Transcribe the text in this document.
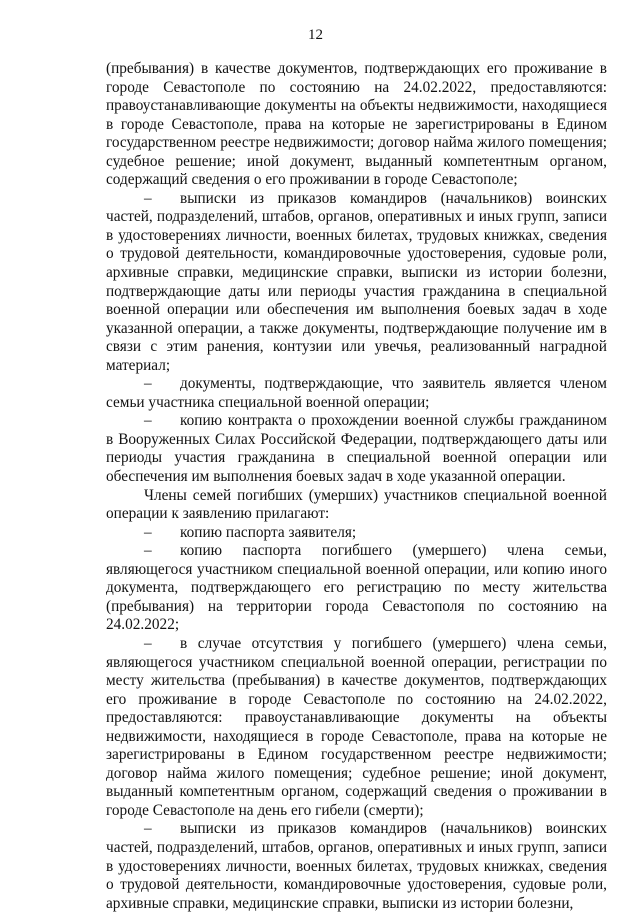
12

(пребывания) в качестве документов, подтверждающих его проживание в городе Севастополе по состоянию на 24.02.2022, предоставляются: правоустанавливающие документы на объекты недвижимости, находящиеся в городе Севастополе, права на которые не зарегистрированы в Едином государственном реестре недвижимости; договор найма жилого помещения; судебное решение; иной документ, выданный компетентным органом, содержащий сведения о его проживании в городе Севастополе;

– выписки из приказов командиров (начальников) воинских частей, подразделений, штабов, органов, оперативных и иных групп, записи в удостоверениях личности, военных билетах, трудовых книжках, сведения о трудовой деятельности, командировочные удостоверения, судовые роли, архивные справки, медицинские справки, выписки из истории болезни, подтверждающие даты или периоды участия гражданина в специальной военной операции или обеспечения им выполнения боевых задач в ходе указанной операции, а также документы, подтверждающие получение им в связи с этим ранения, контузии или увечья, реализованный наградной материал;

– документы, подтверждающие, что заявитель является членом семьи участника специальной военной операции;

– копию контракта о прохождении военной службы гражданином в Вооруженных Силах Российской Федерации, подтверждающего даты или периоды участия гражданина в специальной военной операции или обеспечения им выполнения боевых задач в ходе указанной операции.

Члены семей погибших (умерших) участников специальной военной операции к заявлению прилагают:

– копию паспорта заявителя;

– копию паспорта погибшего (умершего) члена семьи, являющегося участником специальной военной операции, или копию иного документа, подтверждающего его регистрацию по месту жительства (пребывания) на территории города Севастополя по состоянию на 24.02.2022;

– в случае отсутствия у погибшего (умершего) члена семьи, являющегося участником специальной военной операции, регистрации по месту жительства (пребывания) в качестве документов, подтверждающих его проживание в городе Севастополе по состоянию на 24.02.2022, предоставляются: правоустанавливающие документы на объекты недвижимости, находящиеся в городе Севастополе, права на которые не зарегистрированы в Едином государственном реестре недвижимости; договор найма жилого помещения; судебное решение; иной документ, выданный компетентным органом, содержащий сведения о проживании в городе Севастополе на день его гибели (смерти);

– выписки из приказов командиров (начальников) воинских частей, подразделений, штабов, органов, оперативных и иных групп, записи в удостоверениях личности, военных билетах, трудовых книжках, сведения о трудовой деятельности, командировочные удостоверения, судовые роли, архивные справки, медицинские справки, выписки из истории болезни,
